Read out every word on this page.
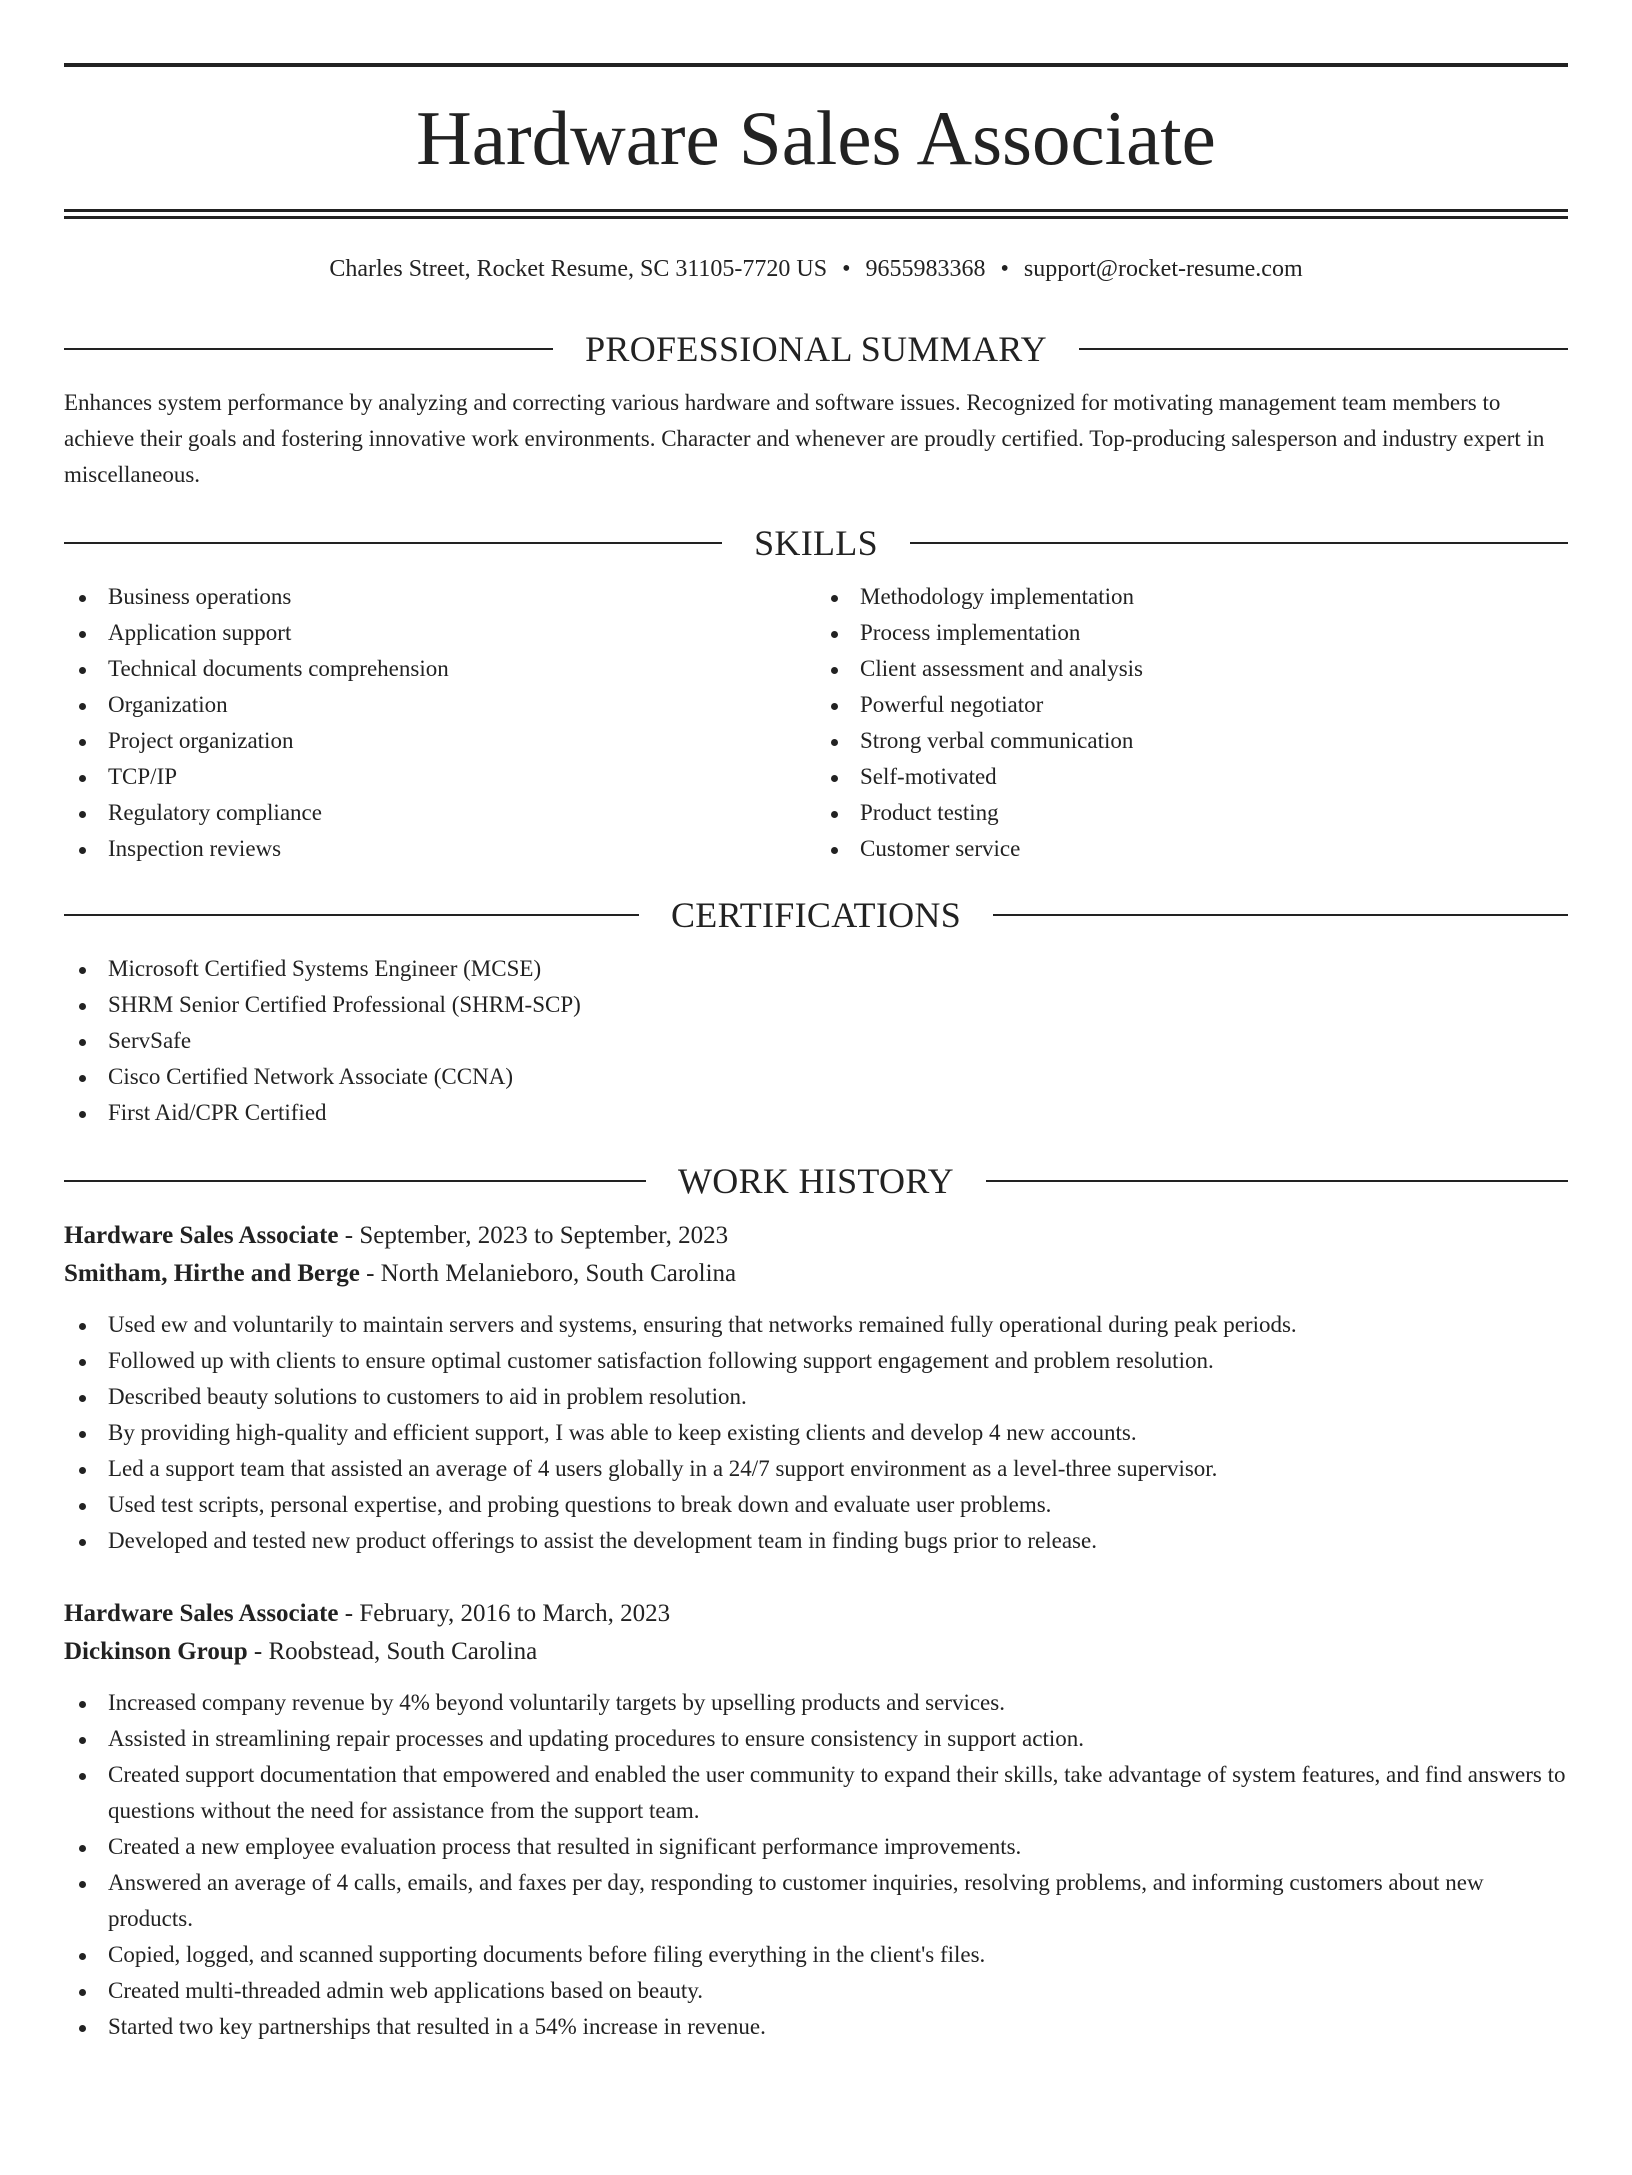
Hardware Sales Associate
Charles Street, Rocket Resume, SC 31105-7720 US • 9655983368 • support@rocket-resume.com
PROFESSIONAL SUMMARY

Enhances system performance by analyzing and correcting various hardware and software issues. Recognized for motivating management team members to achieve their goals and fostering innovative work environments. Character and whenever are proudly certified. Top-producing salesperson and industry expert in miscellaneous.

SKILLS
Business operations
Application support
Technical documents comprehension
Organization
Project organization
TCP/IP
Regulatory compliance
Inspection reviews
Methodology implementation
Process implementation
Client assessment and analysis
Powerful negotiator
Strong verbal communication
Self-motivated
Product testing
Customer service
CERTIFICATIONS
Microsoft Certified Systems Engineer (MCSE)
SHRM Senior Certified Professional (SHRM-SCP)
ServSafe
Cisco Certified Network Associate (CCNA)
First Aid/CPR Certified
WORK HISTORY
Hardware Sales Associate - September, 2023 to September, 2023
Smitham, Hirthe and Berge - North Melanieboro, South Carolina
Used ew and voluntarily to maintain servers and systems, ensuring that networks remained fully operational during peak periods.
Followed up with clients to ensure optimal customer satisfaction following support engagement and problem resolution.
Described beauty solutions to customers to aid in problem resolution.
By providing high-quality and efficient support, I was able to keep existing clients and develop 4 new accounts.
Led a support team that assisted an average of 4 users globally in a 24/7 support environment as a level-three supervisor.
Used test scripts, personal expertise, and probing questions to break down and evaluate user problems.
Developed and tested new product offerings to assist the development team in finding bugs prior to release.
Hardware Sales Associate - February, 2016 to March, 2023
Dickinson Group - Roobstead, South Carolina
Increased company revenue by 4% beyond voluntarily targets by upselling products and services.
Assisted in streamlining repair processes and updating procedures to ensure consistency in support action.
Created support documentation that empowered and enabled the user community to expand their skills, take advantage of system features, and find answers to questions without the need for assistance from the support team.
Created a new employee evaluation process that resulted in significant performance improvements.
Answered an average of 4 calls, emails, and faxes per day, responding to customer inquiries, resolving problems, and informing customers about new products.
Copied, logged, and scanned supporting documents before filing everything in the client's files.
Created multi-threaded admin web applications based on beauty.
Started two key partnerships that resulted in a 54% increase in revenue.
